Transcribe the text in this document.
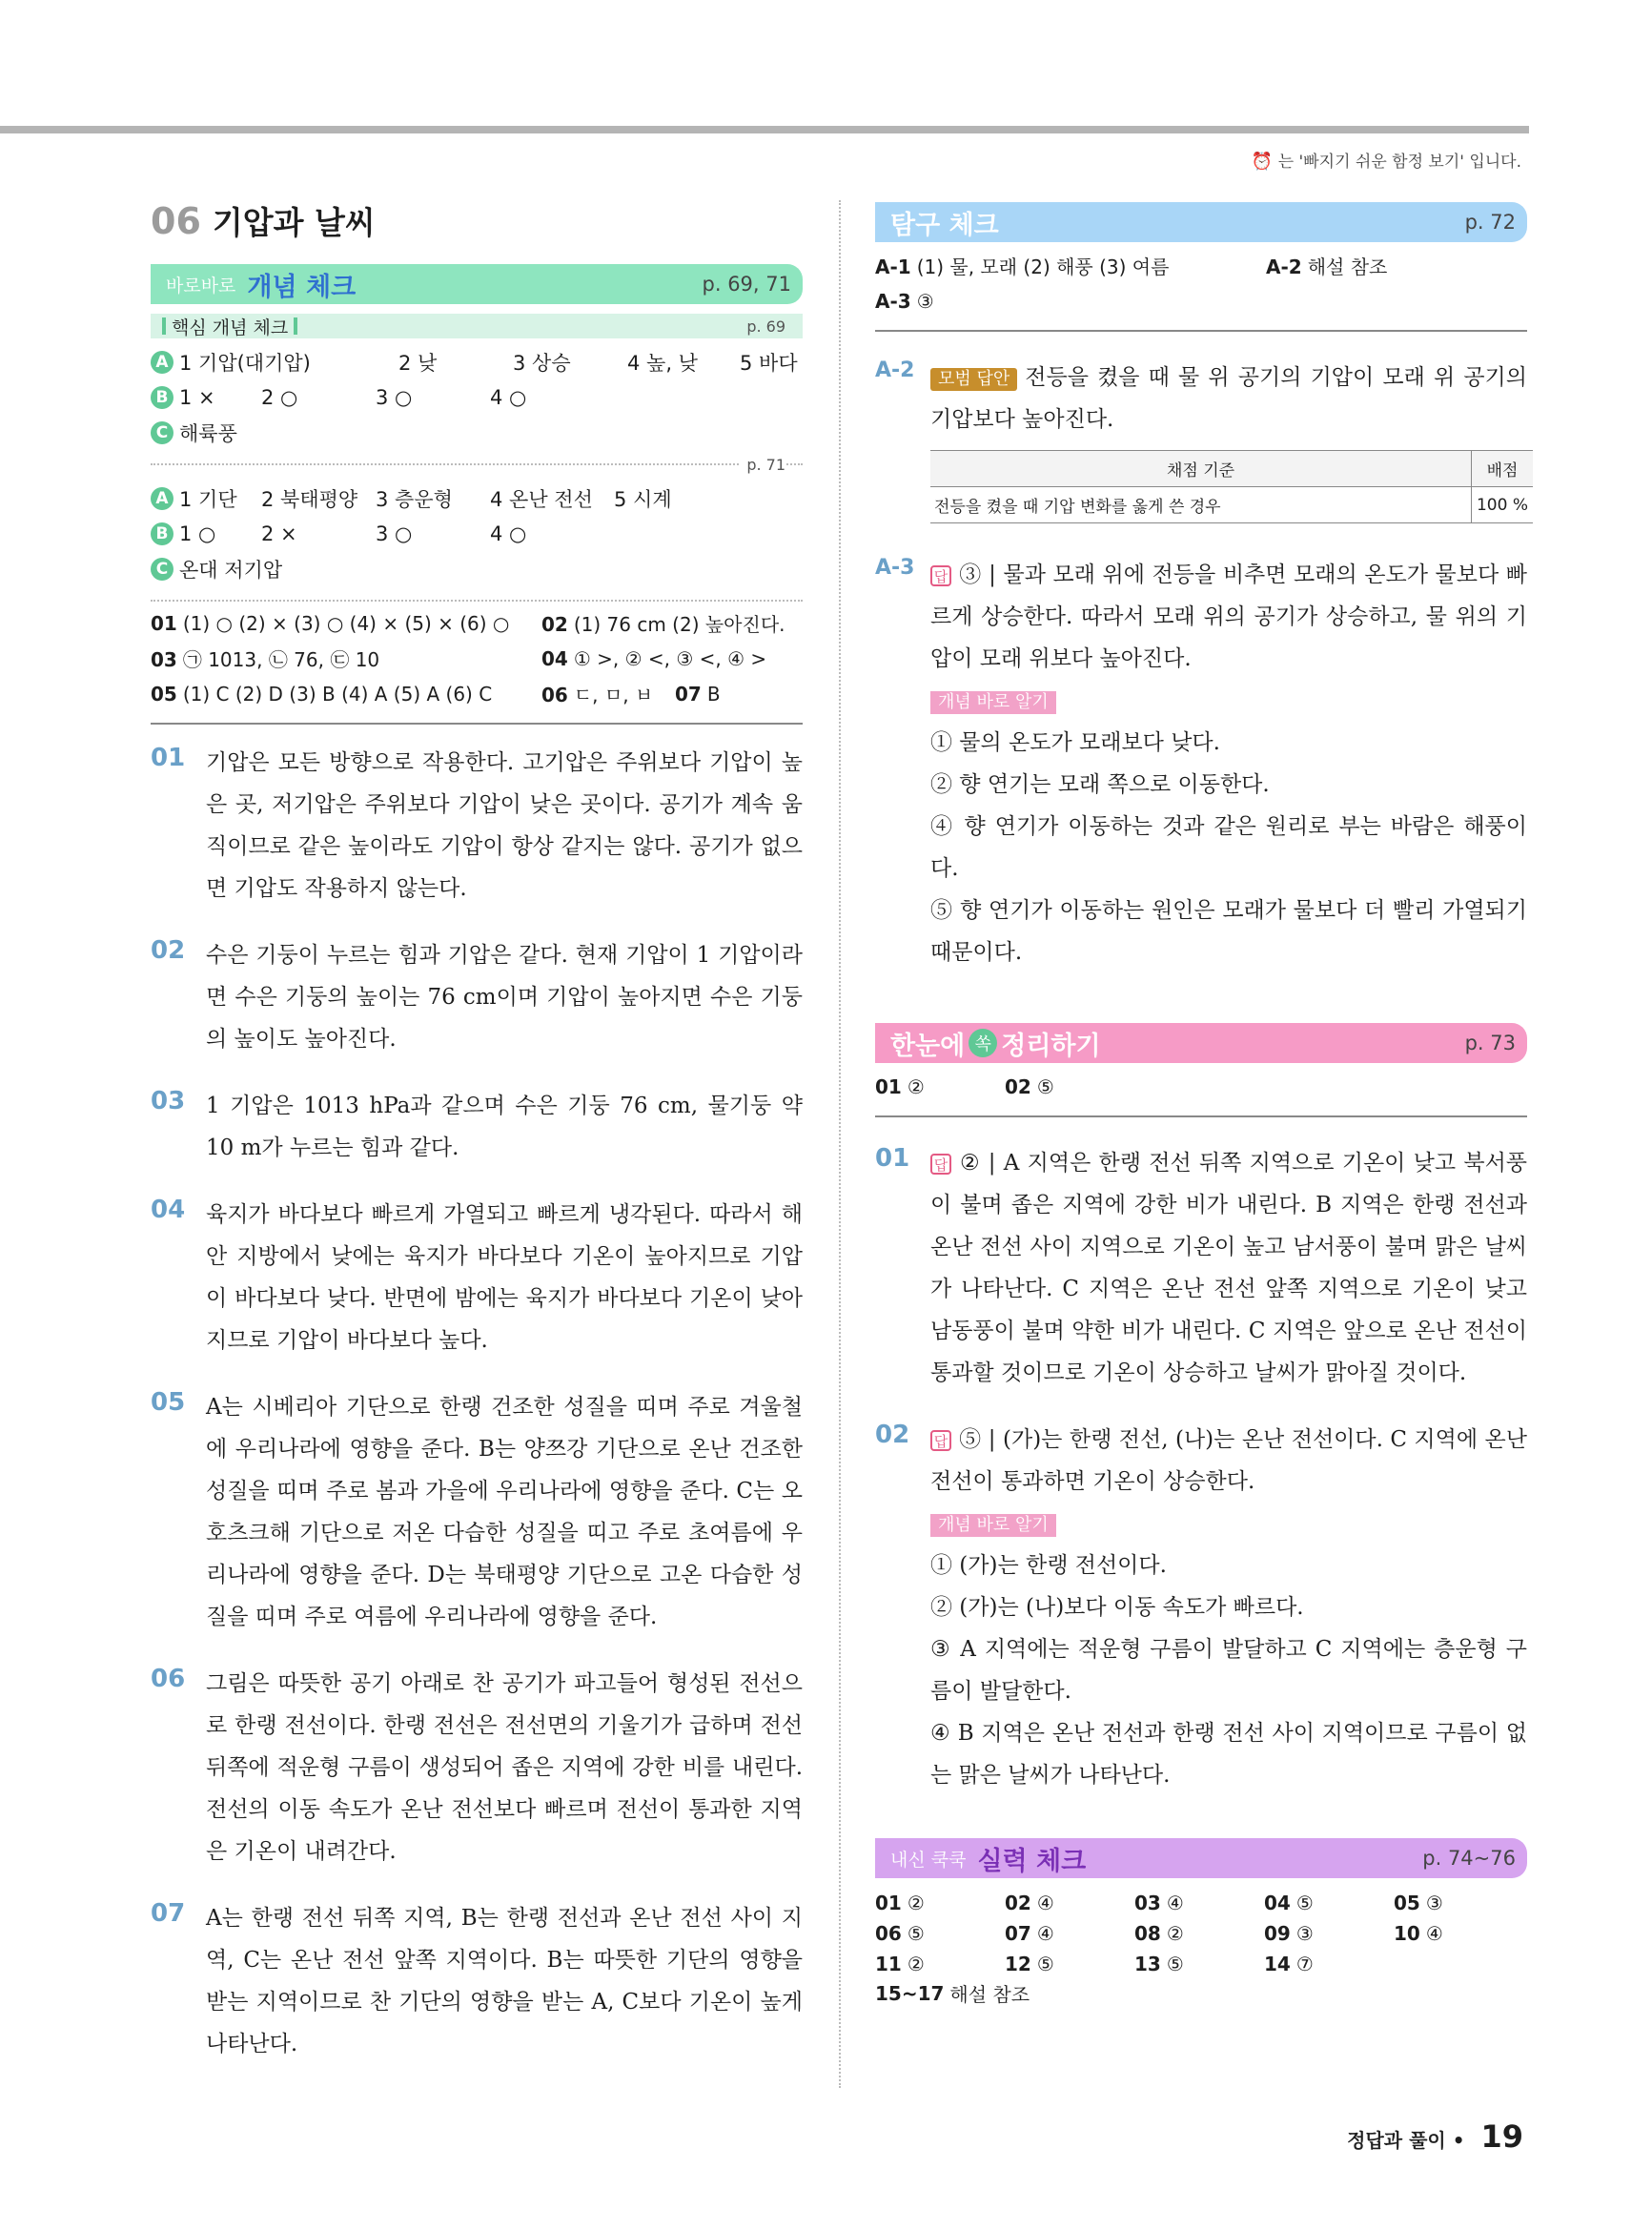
⏰ 는 '빠지기 쉬운 함정 보기' 입니다.
06 기압과 날씨
바로바로 개념 체크	p. 69, 71
핵심 개념 체크	p. 69
A 1 기압(대기압)	2 낮	3 상승	4 높, 낮	5 바다
B 1 ×	2 ○	3 ○	4 ○
C 해륙풍
p. 71
A 1 기단	2 북태평양 3 층운형	4 온난 전선	5 시계
B 1 ○	2 ×	3 ○	4 ○
C 온대 저기압
01 (1) ○ (2) × (3) ○ (4) × (5) × (6) ○	02 (1) 76 cm (2) 높아진다.
03 ㉠ 1013, ㉡ 76, ㉢ 10	04 ① >, ② <, ③ <, ④ >
05 (1) C (2) D (3) B (4) A (5) A (6) C	06 ㄷ, ㅁ, ㅂ	07 B
01 기압은 모든 방향으로 작용한다. 고기압은 주위보다 기압이 높은 곳, 저기압은 주위보다 기압이 낮은 곳이다. 공기가 계속 움직이므로 같은 높이라도 기압이 항상 같지는 않다. 공기가 없으면 기압도 작용하지 않는다.
02 수은 기둥이 누르는 힘과 기압은 같다. 현재 기압이 1 기압이라면 수은 기둥의 높이는 76 cm이며 기압이 높아지면 수은 기둥의 높이도 높아진다.
03 1 기압은 1013 hPa과 같으며 수은 기둥 76 cm, 물기둥 약 10 m가 누르는 힘과 같다.
04 육지가 바다보다 빠르게 가열되고 빠르게 냉각된다. 따라서 해안 지방에서 낮에는 육지가 바다보다 기온이 높아지므로 기압이 바다보다 낮다. 반면에 밤에는 육지가 바다보다 기온이 낮아지므로 기압이 바다보다 높다.
05 A는 시베리아 기단으로 한랭 건조한 성질을 띠며 주로 겨울철에 우리나라에 영향을 준다. B는 양쯔강 기단으로 온난 건조한 성질을 띠며 주로 봄과 가을에 우리나라에 영향을 준다. C는 오호츠크해 기단으로 저온 다습한 성질을 띠고 주로 초여름에 우리나라에 영향을 준다. D는 북태평양 기단으로 고온 다습한 성질을 띠며 주로 여름에 우리나라에 영향을 준다.
06 그림은 따뜻한 공기 아래로 찬 공기가 파고들어 형성된 전선으로 한랭 전선이다. 한랭 전선은 전선면의 기울기가 급하며 전선 뒤쪽에 적운형 구름이 생성되어 좁은 지역에 강한 비를 내린다. 전선의 이동 속도가 온난 전선보다 빠르며 전선이 통과한 지역은 기온이 내려간다.
07 A는 한랭 전선 뒤쪽 지역, B는 한랭 전선과 온난 전선 사이 지역, C는 온난 전선 앞쪽 지역이다. B는 따뜻한 기단의 영향을 받는 지역이므로 찬 기단의 영향을 받는 A, C보다 기온이 높게 나타난다.
탐구 체크	p. 72
A-1 (1) 물, 모래 (2) 해풍 (3) 여름	A-2 해설 참조
A-3 ③
A-2	모범 답안 전등을 켰을 때 물 위 공기의 기압이 모래 위 공기의 기압보다 높아진다.
채점 기준	배점
전등을 켰을 때 기압 변화를 옳게 쓴 경우	100 %
A-3	답 ③ | 물과 모래 위에 전등을 비추면 모래의 온도가 물보다 빠르게 상승한다. 따라서 모래 위의 공기가 상승하고, 물 위의 기압이 모래 위보다 높아진다.
개념 바로 알기
① 물의 온도가 모래보다 낮다.
② 향 연기는 모래 쪽으로 이동한다.
④ 향 연기가 이동하는 것과 같은 원리로 부는 바람은 해풍이다.
⑤ 향 연기가 이동하는 원인은 모래가 물보다 더 빨리 가열되기 때문이다.
한눈에 쏙 정리하기	p. 73
01 ②	02 ⑤
01	답 ② | A 지역은 한랭 전선 뒤쪽 지역으로 기온이 낮고 북서풍이 불며 좁은 지역에 강한 비가 내린다. B 지역은 한랭 전선과 온난 전선 사이 지역으로 기온이 높고 남서풍이 불며 맑은 날씨가 나타난다. C 지역은 온난 전선 앞쪽 지역으로 기온이 낮고 남동풍이 불며 약한 비가 내린다. C 지역은 앞으로 온난 전선이 통과할 것이므로 기온이 상승하고 날씨가 맑아질 것이다.
02	답 ⑤ | (가)는 한랭 전선, (나)는 온난 전선이다. C 지역에 온난 전선이 통과하면 기온이 상승한다.
개념 바로 알기
① (가)는 한랭 전선이다.
② (가)는 (나)보다 이동 속도가 빠르다.
③ A 지역에는 적운형 구름이 발달하고 C 지역에는 층운형 구름이 발달한다.
④ B 지역은 온난 전선과 한랭 전선 사이 지역이므로 구름이 없는 맑은 날씨가 나타난다.
내신 쿡쿡 실력 체크	p. 74~76
01 ②	02 ④	03 ④	04 ⑤	05 ③
06 ⑤	07 ④	08 ②	09 ③	10 ④
11 ②	12 ⑤	13 ⑤	14 ⑦
15~17 해설 참조
정답과 풀이 • 19
